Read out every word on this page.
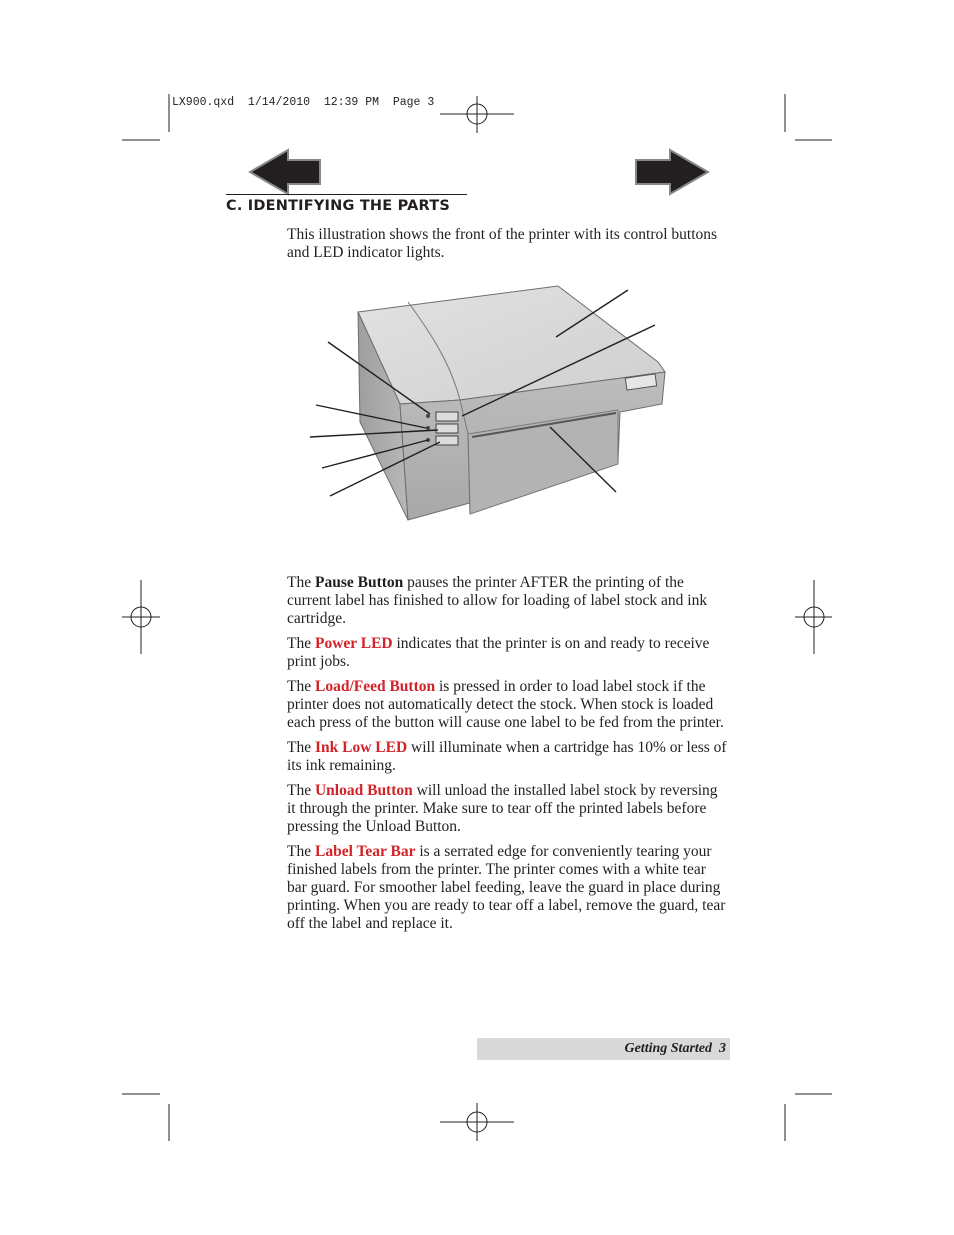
LX900.qxd  1/14/2010  12:39 PM  Page 3
C. IDENTIFYING THE PARTS
This illustration shows the front of the printer with its control buttons and LED indicator lights.

The Pause Button pauses the printer AFTER the printing of the current label has finished to allow for loading of label stock and ink cartridge.

The Power LED indicates that the printer is on and ready to receive print jobs.

The Load/Feed Button is pressed in order to load label stock if the printer does not automatically detect the stock. When stock is loaded each press of the button will cause one label to be fed from the printer.

The Ink Low LED will illuminate when a cartridge has 10% or less of its ink remaining.

The Unload Button will unload the installed label stock by reversing it through the printer. Make sure to tear off the printed labels before pressing the Unload Button.

The Label Tear Bar is a serrated edge for conveniently tearing your finished labels from the printer. The printer comes with a white tear bar guard. For smoother label feeding, leave the guard in place during printing. When you are ready to tear off a label, remove the guard, tear off the label and replace it.

Getting Started 3
